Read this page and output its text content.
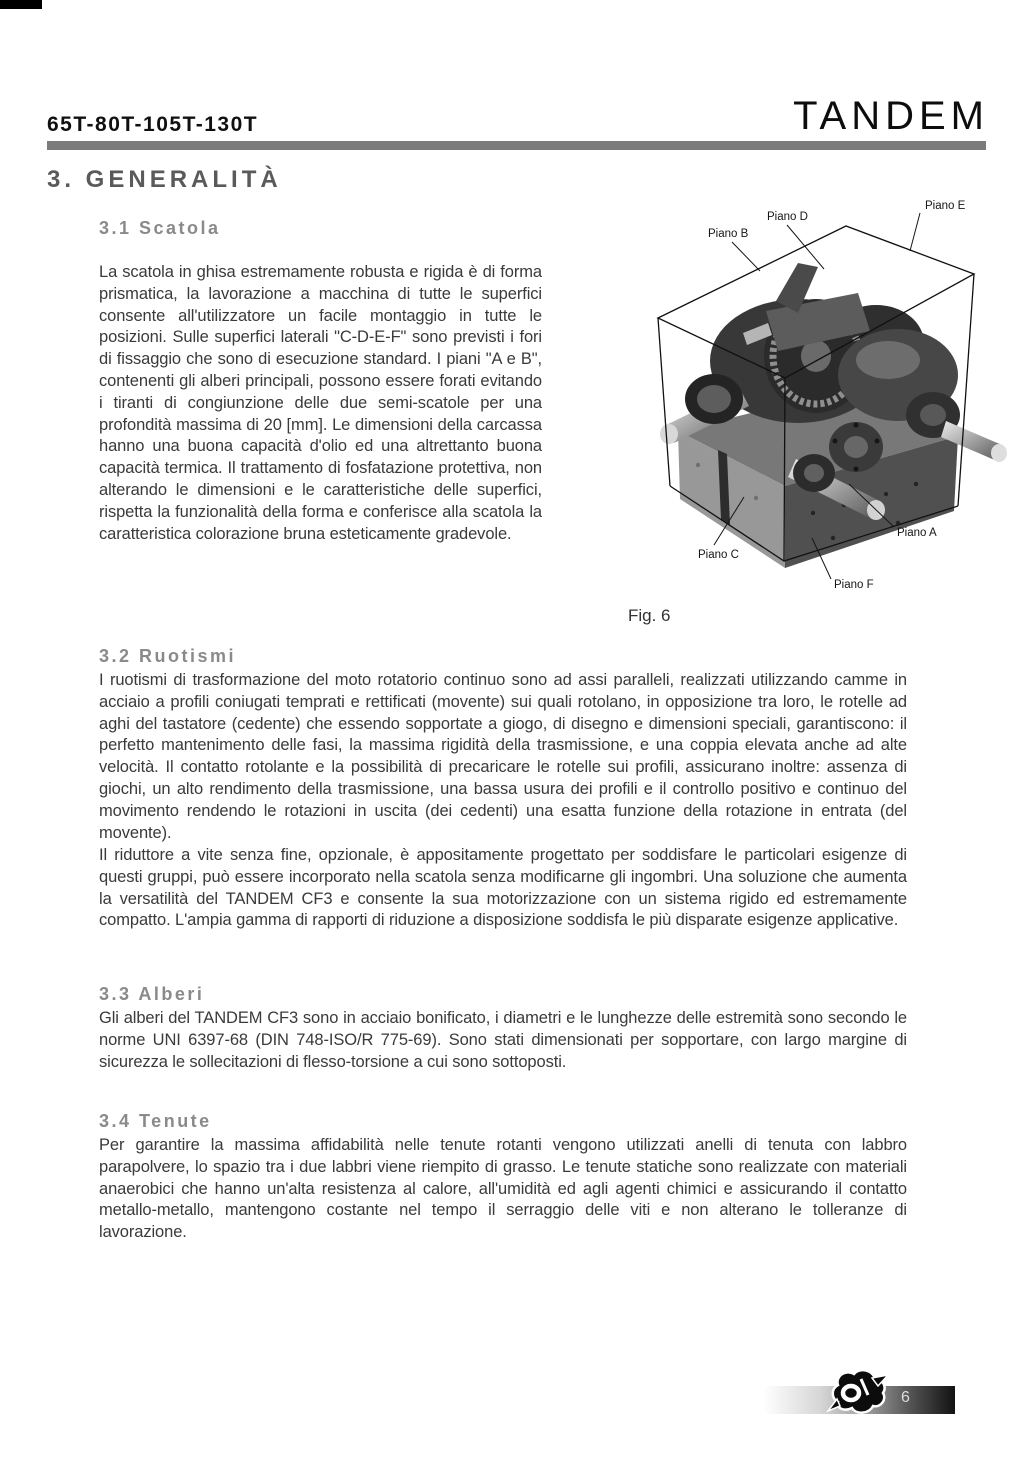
65T-80T-105T-130T	TANDEM
3. GENERALITÀ
3.1 Scatola
La scatola in ghisa estremamente robusta e rigida è di forma prismatica, la lavorazione a macchina di tutte le superfici consente all'utilizzatore un facile montaggio in tutte le posizioni. Sulle superfici laterali "C-D-E-F" sono previsti i fori di fissaggio che sono di esecuzione standard. I piani "A e B", contenenti gli alberi principali, possono essere forati evitando i tiranti di congiunzione delle due semi-scatole per una profondità massima di 20 [mm]. Le dimensioni della carcassa hanno una buona capacità d'olio ed una altrettanto buona capacità termica. Il trattamento di fosfatazione protettiva, non alterando le dimensioni e le caratteristiche delle superfici, rispetta la funzionalità della forma e conferisce alla scatola la caratteristica colorazione bruna esteticamente gradevole.
Piano B
Piano D
Piano E
Piano A
Piano C
Piano F
Fig. 6
3.2 Ruotismi
I ruotismi di trasformazione del moto rotatorio continuo sono ad assi paralleli, realizzati utilizzando camme in acciaio a profili coniugati temprati e rettificati (movente) sui quali rotolano, in opposizione tra loro, le rotelle ad aghi del tastatore (cedente) che essendo sopportate a giogo, di disegno e dimensioni speciali, garantiscono: il perfetto mantenimento delle fasi, la massima rigidità della trasmissione, e una coppia elevata anche ad alte velocità. Il contatto rotolante e la possibilità di precaricare le rotelle sui profili, assicurano inoltre: assenza di giochi, un alto rendimento della trasmissione, una bassa usura dei profili e il controllo positivo e continuo del movimento rendendo le rotazioni in uscita (dei cedenti) una esatta funzione della rotazione in entrata (del movente).
Il riduttore a vite senza fine, opzionale, è appositamente progettato per soddisfare le particolari esigenze di questi gruppi, può essere incorporato nella scatola senza modificarne gli ingombri. Una soluzione che aumenta la versatilità del TANDEM CF3 e consente la sua motorizzazione con un sistema rigido ed estremamente compatto. L'ampia gamma di rapporti di riduzione a disposizione soddisfa le più disparate esigenze applicative.
3.3 Alberi
Gli alberi del TANDEM CF3 sono in acciaio bonificato, i diametri e le lunghezze delle estremità sono secondo le norme UNI 6397-68 (DIN 748-ISO/R 775-69). Sono stati dimensionati per sopportare, con largo margine di sicurezza le sollecitazioni di flesso-torsione a cui sono sottoposti.
3.4 Tenute
Per garantire la massima affidabilità nelle tenute rotanti vengono utilizzati anelli di tenuta con labbro parapolvere, lo spazio tra i due labbri viene riempito di grasso. Le tenute statiche sono realizzate con materiali anaerobici che hanno un'alta resistenza al calore, all'umidità ed agli agenti chimici e assicurando il contatto metallo-metallo, mantengono costante nel tempo il serraggio delle viti e non alterano le tolleranze di lavorazione.
6
